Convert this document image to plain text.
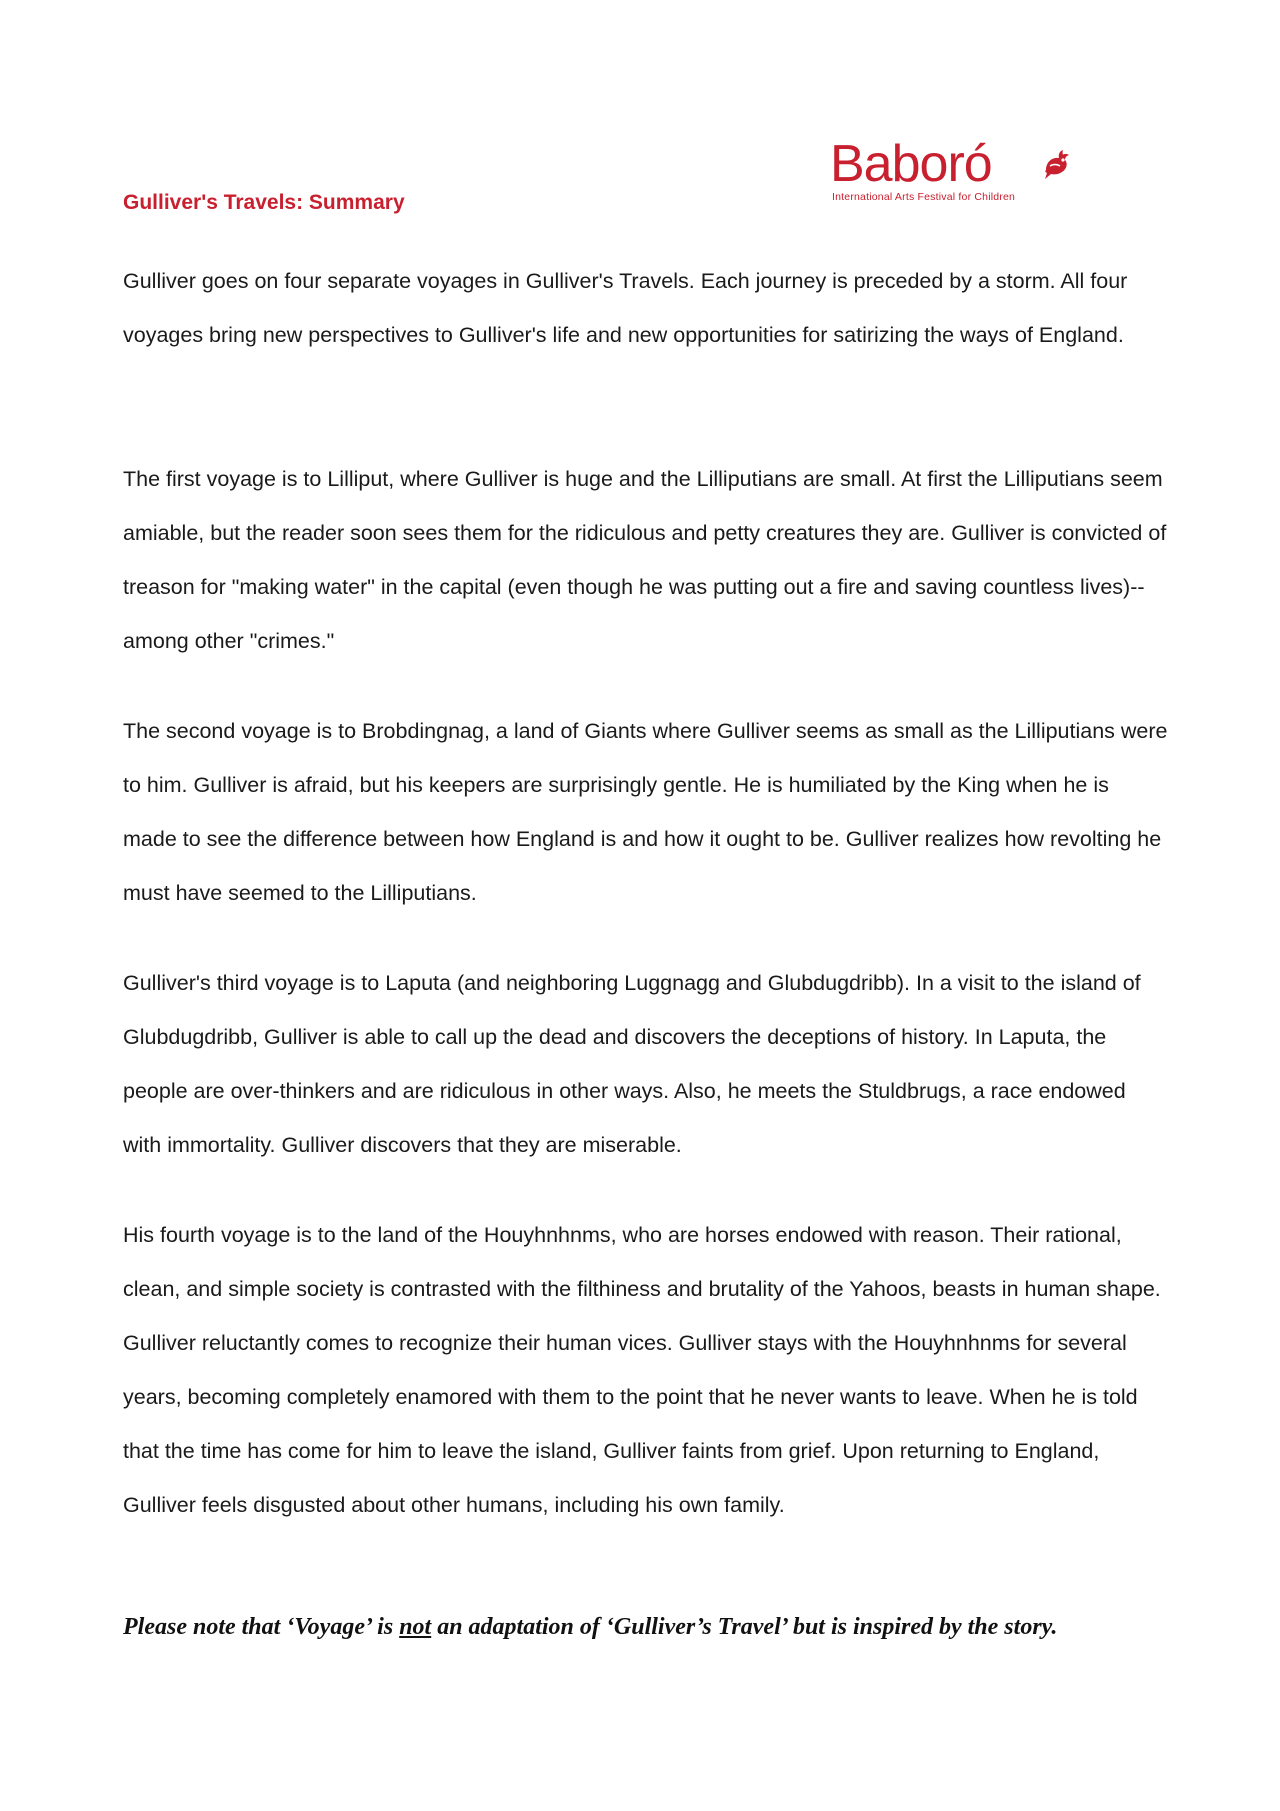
Baboró
International Arts Festival for Children
Gulliver's Travels: Summary

Gulliver goes on four separate voyages in Gulliver's Travels. Each journey is preceded by a storm. All four voyages bring new perspectives to Gulliver's life and new opportunities for satirizing the ways of England.

The first voyage is to Lilliput, where Gulliver is huge and the Lilliputians are small. At first the Lilliputians seem amiable, but the reader soon sees them for the ridiculous and petty creatures they are. Gulliver is convicted of treason for "making water" in the capital (even though he was putting out a fire and saving countless lives)--among other "crimes."

The second voyage is to Brobdingnag, a land of Giants where Gulliver seems as small as the Lilliputians were to him. Gulliver is afraid, but his keepers are surprisingly gentle. He is humiliated by the King when he is made to see the difference between how England is and how it ought to be. Gulliver realizes how revolting he must have seemed to the Lilliputians.

Gulliver's third voyage is to Laputa (and neighboring Luggnagg and Glubdugdribb). In a visit to the island of Glubdugdribb, Gulliver is able to call up the dead and discovers the deceptions of history. In Laputa, the people are over-thinkers and are ridiculous in other ways. Also, he meets the Stuldbrugs, a race endowed with immortality. Gulliver discovers that they are miserable.

His fourth voyage is to the land of the Houyhnhnms, who are horses endowed with reason. Their rational, clean, and simple society is contrasted with the filthiness and brutality of the Yahoos, beasts in human shape. Gulliver reluctantly comes to recognize their human vices. Gulliver stays with the Houyhnhnms for several years, becoming completely enamored with them to the point that he never wants to leave. When he is told that the time has come for him to leave the island, Gulliver faints from grief. Upon returning to England, Gulliver feels disgusted about other humans, including his own family.

Please note that ‘Voyage’ is not an adaptation of ‘Gulliver’s Travel’ but is inspired by the story.
